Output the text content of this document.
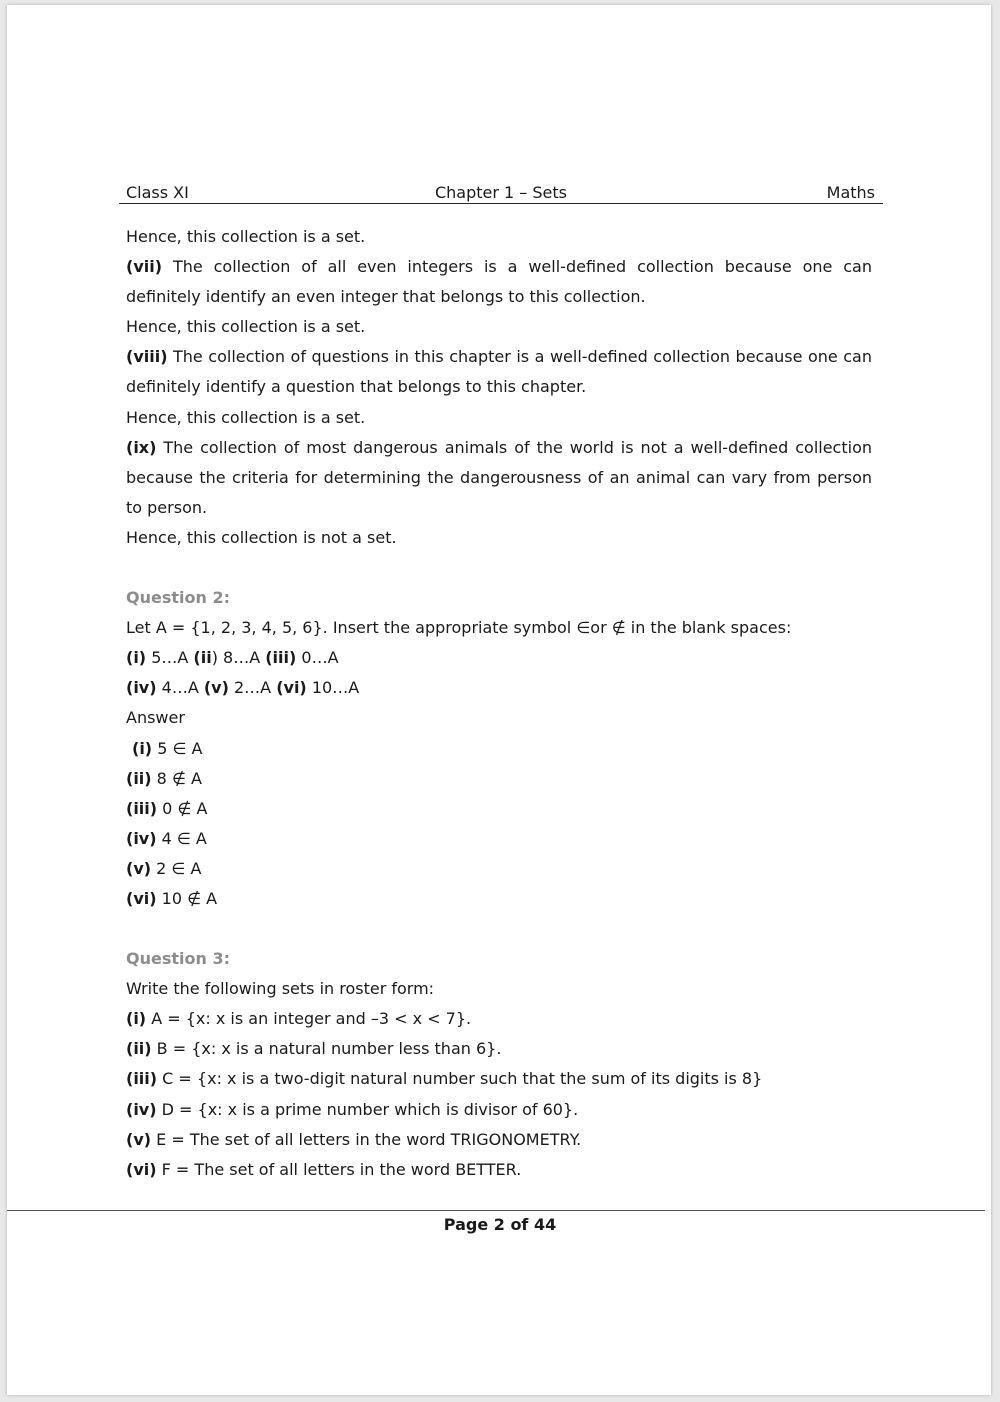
Class XI	Chapter 1 – Sets	Maths

Hence, this collection is a set.

(vii) The collection of all even integers is a well-defined collection because one can definitely identify an even integer that belongs to this collection.

Hence, this collection is a set.

(viii) The collection of questions in this chapter is a well-defined collection because one can definitely identify a question that belongs to this chapter.

Hence, this collection is a set.

(ix) The collection of most dangerous animals of the world is not a well-defined collection because the criteria for determining the dangerousness of an animal can vary from person to person.

Hence, this collection is not a set.

Question 2:

Let A = {1, 2, 3, 4, 5, 6}. Insert the appropriate symbol ∈or ∉ in the blank spaces:

(i) 5…A (ii) 8…A (iii) 0…A

(iv) 4…A (v) 2…A (vi) 10…A

Answer

(i) 5 ∈ A

(ii) 8 ∉ A

(iii) 0 ∉ A

(iv) 4 ∈ A

(v) 2 ∈ A

(vi) 10 ∉ A

Question 3:

Write the following sets in roster form:

(i) A = {x: x is an integer and –3 < x < 7}.

(ii) B = {x: x is a natural number less than 6}.

(iii) C = {x: x is a two-digit natural number such that the sum of its digits is 8}

(iv) D = {x: x is a prime number which is divisor of 60}.

(v) E = The set of all letters in the word TRIGONOMETRY.

(vi) F = The set of all letters in the word BETTER.

Page 2 of 44
